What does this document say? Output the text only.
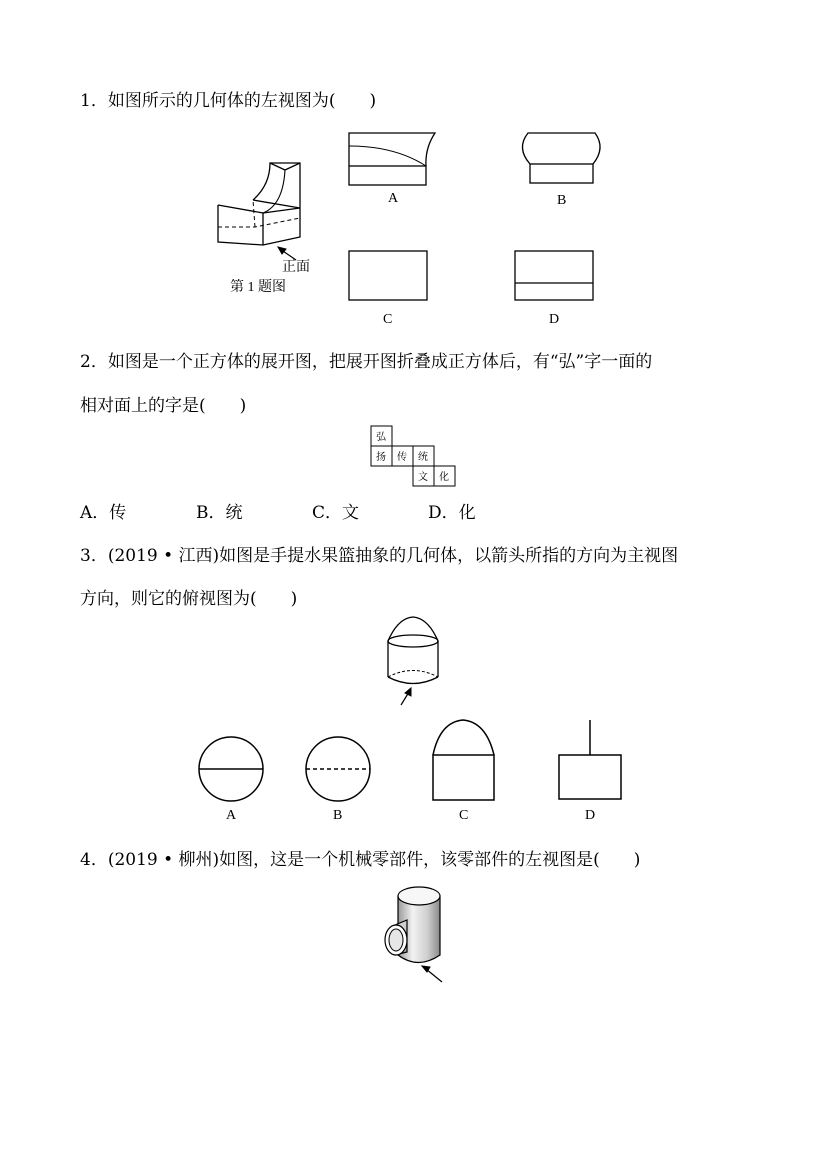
1．如图所示的几何体的左视图为(　　)
弘
扬 传 统
文 化
正面
第 1 题图
A	B
C	D
2．如图是一个正方体的展开图，把展开图折叠成正方体后，有“弘”字一面的
相对面上的字是(　　)
A．传	B．统	C．文	D．化
3．(2019 • 江西)如图是手提水果篮抽象的几何体，以箭头所指的方向为主视图
方向，则它的俯视图为(　　)
A	B	C	D
4．(2019 • 柳州)如图，这是一个机械零部件，该零部件的左视图是(　　)
